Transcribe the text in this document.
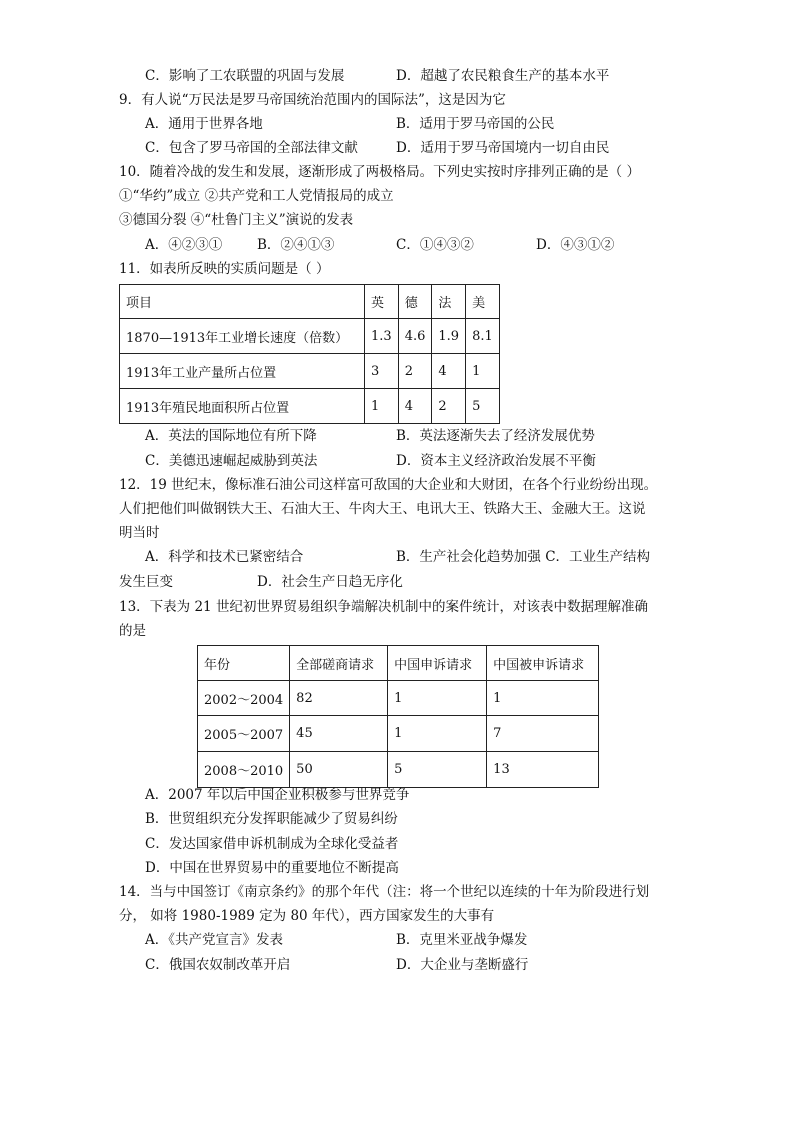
C．影响了工农联盟的巩固与发展	D．超越了农民粮食生产的基本水平
9．有人说“万民法是罗马帝国统治范围内的国际法”，这是因为它
A．通用于世界各地	B．适用于罗马帝国的公民
C．包含了罗马帝国的全部法律文献	D．适用于罗马帝国境内一切自由民
10．随着冷战的发生和发展，逐渐形成了两极格局。下列史实按时序排列正确的是（ ）
①“华约”成立 ②共产党和工人党情报局的成立
③德国分裂 ④“杜鲁门主义”演说的发表
A．④②③①	B．②④①③	C．①④③②	D．④③①②
11．如表所反映的实质问题是（ ）
项目	英	德	法	美
1870—1913年工业增长速度（倍数）	1.3	4.6	1.9	8.1
1913年工业产量所占位置	3	2	4	1
1913年殖民地面积所占位置	1	4	2	5
A．英法的国际地位有所下降	B．英法逐渐失去了经济发展优势
C．美德迅速崛起威胁到英法	D．资本主义经济政治发展不平衡
12．19 世纪末，像标准石油公司这样富可敌国的大企业和大财团，在各个行业纷纷出现。
人们把他们叫做钢铁大王、石油大王、牛肉大王、电讯大王、铁路大王、金融大王。这说
明当时
A．科学和技术已紧密结合	B．生产社会化趋势加强 C．工业生产结构
发生巨变	D．社会生产日趋无序化
13．下表为 21 世纪初世界贸易组织争端解决机制中的案件统计，对该表中数据理解准确
的是
年份	全部磋商请求	中国申诉请求	中国被申诉请求
2002～2004	82	1	1
2005～2007	45	1	7
2008～2010	50	5	13
A．2007 年以后中国企业积极参与世界竞争
B．世贸组织充分发挥职能减少了贸易纠纷
C．发达国家借申诉机制成为全球化受益者
D．中国在世界贸易中的重要地位不断提高
14．当与中国签订《南京条约》的那个年代（注：将一个世纪以连续的十年为阶段进行划
分， 如将 1980-1989 定为 80 年代），西方国家发生的大事有
A．《共产党宣言》发表	B．克里米亚战争爆发
C．俄国农奴制改革开启	D．大企业与垄断盛行
